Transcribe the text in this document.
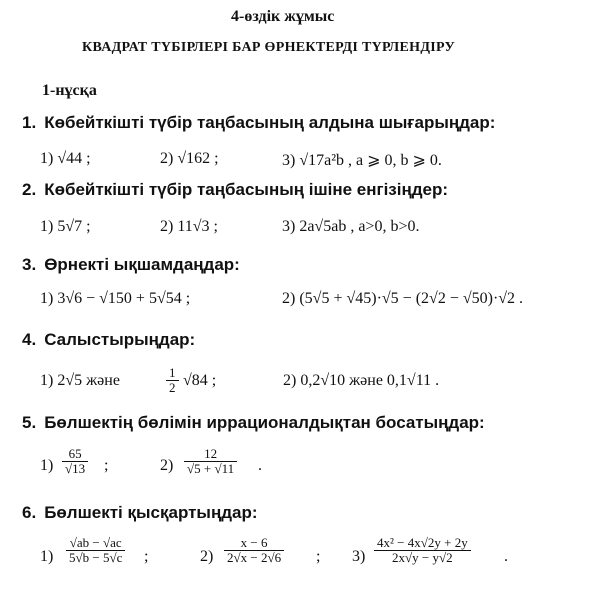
4-өздік жұмыс
КВАДРАТ ТҮБІРЛЕРІ БАР ӨРНЕКТЕРДІ ТҮРЛЕНДІРУ
1-нұсқа
1. Көбейткішті түбір таңбасының алдына шығарыңдар:
1) √44 ;	2) √162 ;	3) √17a²b , a ⩾ 0, b ⩾ 0.
2. Көбейткішті түбір таңбасының ішіне енгізіңдер:
1) 5√7 ;	2) 11√3 ;	3) 2a√5ab , a>0, b>0.
3. Өрнекті ықшамдаңдар:
1) 3√6 − √150 + 5√54 ;	2) (5√5 + √45)·√5 − (2√2 − √50)·√2 .
4. Салыстырыңдар:
1) 2√5 және	$\frac{1}{2} √84$ ;	2) 0,2√10 және 0,1√11 .
5. Бөлшектің бөлімін иррационалдықтан босатыңдар:
$1) \frac{65}{√13}$ ;	$2) \frac{12}{√5 + √11}$ .
6. Бөлшекті қысқартыңдар:
$1) \frac{√ab - √ac}{5√b - 5√c}$ ;	$2) \frac{x - 6}{2√x - 2√6}$ ; $3) \frac{\text{4x² − 4x√2y + 2y}}{2x√y - y√2}$ .
